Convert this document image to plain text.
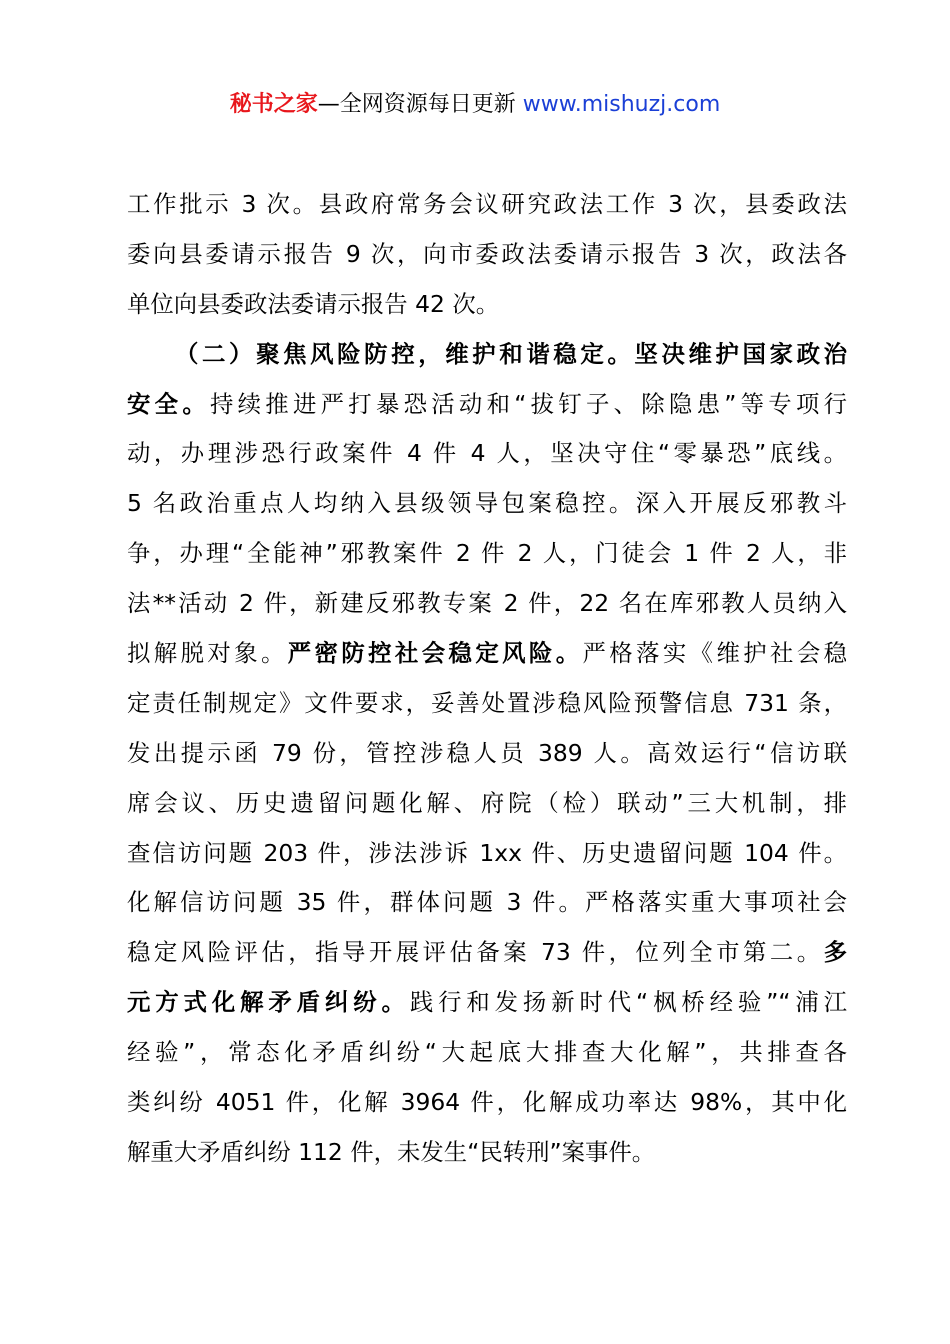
秘书之家—全网资源每日更新 www.mishuzj.com
工作批示 3 次。县政府常务会议研究政法工作 3 次，县委政法
委向县委请示报告 9 次，向市委政法委请示报告 3 次，政法各
单位向县委政法委请示报告 42 次。
（二）聚焦风险防控，维护和谐稳定。坚决维护国家政治
安全。持续推进严打暴恐活动和“拔钉子、除隐患”等专项行
动，办理涉恐行政案件 4 件 4 人，坚决守住“零暴恐”底线。
5 名政治重点人均纳入县级领导包案稳控。深入开展反邪教斗
争，办理“全能神”邪教案件 2 件 2 人，门徒会 1 件 2 人，非
法**活动 2 件，新建反邪教专案 2 件，22 名在库邪教人员纳入
拟解脱对象。严密防控社会稳定风险。严格落实《维护社会稳
定责任制规定》文件要求，妥善处置涉稳风险预警信息 731 条，
发出提示函 79 份，管控涉稳人员 389 人。高效运行“信访联
席会议、历史遗留问题化解、府院（检）联动”三大机制，排
查信访问题 203 件，涉法涉诉 1xx 件、历史遗留问题 104 件。
化解信访问题 35 件，群体问题 3 件。严格落实重大事项社会
稳定风险评估，指导开展评估备案 73 件，位列全市第二。多
元方式化解矛盾纠纷。践行和发扬新时代“枫桥经验”“浦江
经验”，常态化矛盾纠纷“大起底大排查大化解”，共排查各
类纠纷 4051 件，化解 3964 件，化解成功率达 98%，其中化
解重大矛盾纠纷 112 件，未发生“民转刑”案事件。
